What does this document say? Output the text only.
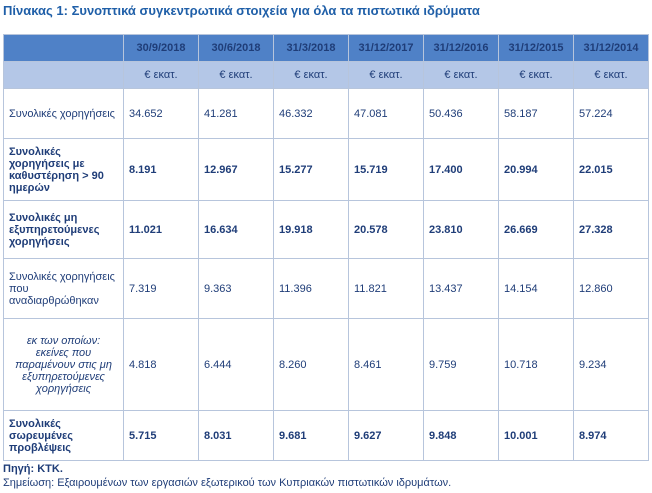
Πίνακας 1: Συνοπτικά συγκεντρωτικά στοιχεία για όλα τα πιστωτικά ιδρύματα
	30/9/2018	30/6/2018	31/3/2018	31/12/2017	31/12/2016	31/12/2015	31/12/2014
	€ εκατ.	€ εκατ.	€ εκατ.	€ εκατ.	€ εκατ.	€ εκατ.	€ εκατ.
Συνολικές χορηγήσεις	34.652	41.281	46.332	47.081	50.436	58.187	57.224
Συνολικές χορηγήσεις με καθυστέρηση > 90 ημερών	8.191	12.967	15.277	15.719	17.400	20.994	22.015
Συνολικές μη εξυπηρετούμενες χορηγήσεις	11.021	16.634	19.918	20.578	23.810	26.669	27.328
Συνολικές χορηγήσεις που αναδιαρθρώθηκαν	7.319	9.363	11.396	11.821	13.437	14.154	12.860
εκ των οποίων: εκείνες που παραμένουν στις μη εξυπηρετούμενες χορηγήσεις	4.818	6.444	8.260	8.461	9.759	10.718	9.234
Συνολικές σωρευμένες προβλέψεις	5.715	8.031	9.681	9.627	9.848	10.001	8.974
Πηγή: ΚΤΚ.
Σημείωση: Εξαιρουμένων των εργασιών εξωτερικού των Κυπριακών πιστωτικών ιδρυμάτων.
